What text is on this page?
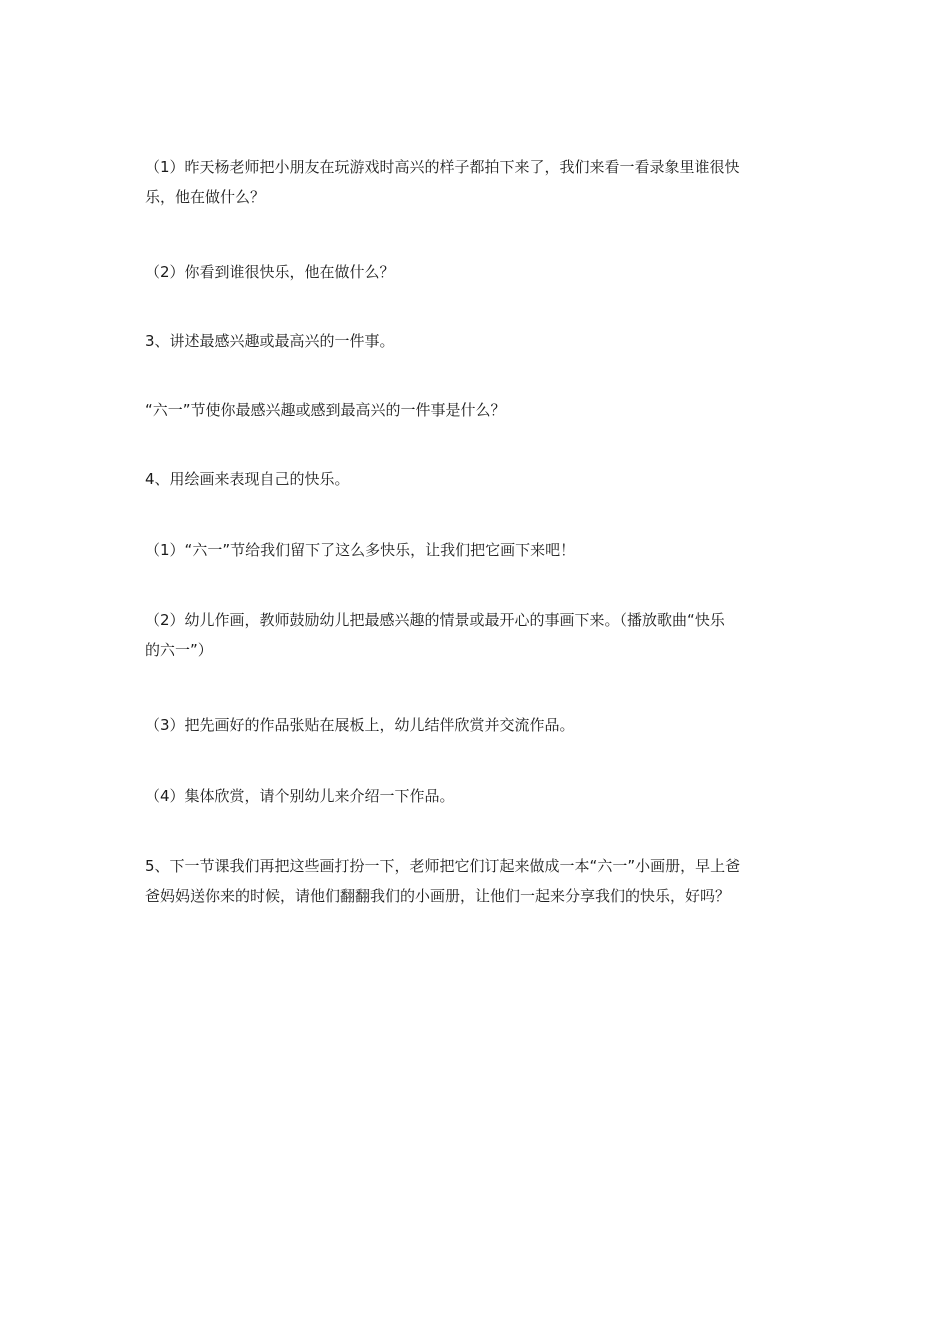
（1）昨天杨老师把小朋友在玩游戏时高兴的样子都拍下来了，我们来看一看录象里谁很快
乐，他在做什么？

（2）你看到谁很快乐，他在做什么？

3、讲述最感兴趣或最高兴的一件事。

“六一”节使你最感兴趣或感到最高兴的一件事是什么？

4、用绘画来表现自己的快乐。

（1）“六一”节给我们留下了这么多快乐，让我们把它画下来吧！

（2）幼儿作画，教师鼓励幼儿把最感兴趣的情景或最开心的事画下来。（播放歌曲“快乐
的六一”）

（3）把先画好的作品张贴在展板上，幼儿结伴欣赏并交流作品。

（4）集体欣赏，请个别幼儿来介绍一下作品。

5、下一节课我们再把这些画打扮一下，老师把它们订起来做成一本“六一”小画册，早上爸
爸妈妈送你来的时候，请他们翻翻我们的小画册，让他们一起来分享我们的快乐，好吗？
